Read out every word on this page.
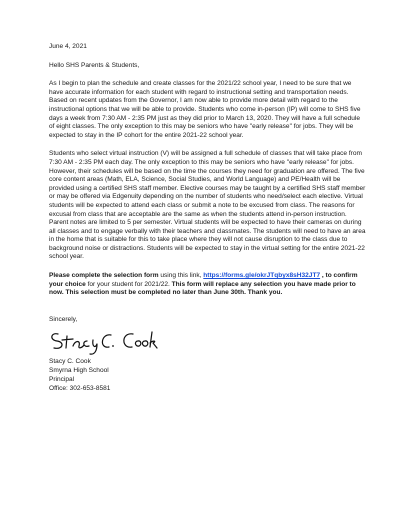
June 4, 2021
Hello SHS Parents & Students,

As I begin to plan the schedule and create classes for the 2021/22 school year, I need to be sure that we have accurate information for each student with regard to instructional setting and transportation needs. Based on recent updates from the Governor, I am now able to provide more detail with regard to the instructional options that we will be able to provide. Students who come in-person (IP) will come to SHS five days a week from 7:30 AM - 2:35 PM just as they did prior to March 13, 2020. They will have a full schedule of eight classes. The only exception to this may be seniors who have "early release" for jobs. They will be expected to stay in the IP cohort for the entire 2021-22 school year.

Students who select virtual instruction (V) will be assigned a full schedule of classes that will take place from 7:30 AM - 2:35 PM each day. The only exception to this may be seniors who have "early release" for jobs. However, their schedules will be based on the time the courses they need for graduation are offered. The five core content areas (Math, ELA, Science, Social Studies, and World Language) and PE/Health will be provided using a certified SHS staff member. Elective courses may be taught by a certified SHS staff member or may be offered via Edgenuity depending on the number of students who need/select each elective. Virtual students will be expected to attend each class or submit a note to be excused from class. The reasons for excusal from class that are acceptable are the same as when the students attend in-person instruction. Parent notes are limited to 5 per semester. Virtual students will be expected to have their cameras on during all classes and to engage verbally with their teachers and classmates. The students will need to have an area in the home that is suitable for this to take place where they will not cause disruption to the class due to background noise or distractions. Students will be expected to stay in the virtual setting for the entire 2021-22 school year.

Please complete the selection form using this link, https://forms.gle/okrJTqbyx8sH32JT7 , to confirm your choice for your student for 2021/22. This form will replace any selection you have made prior to now. This selection must be completed no later than June 30th. Thank you.

Sincerely,
Stacy C. Cook
Smyrna High School
Principal
Office: 302-653-8581
